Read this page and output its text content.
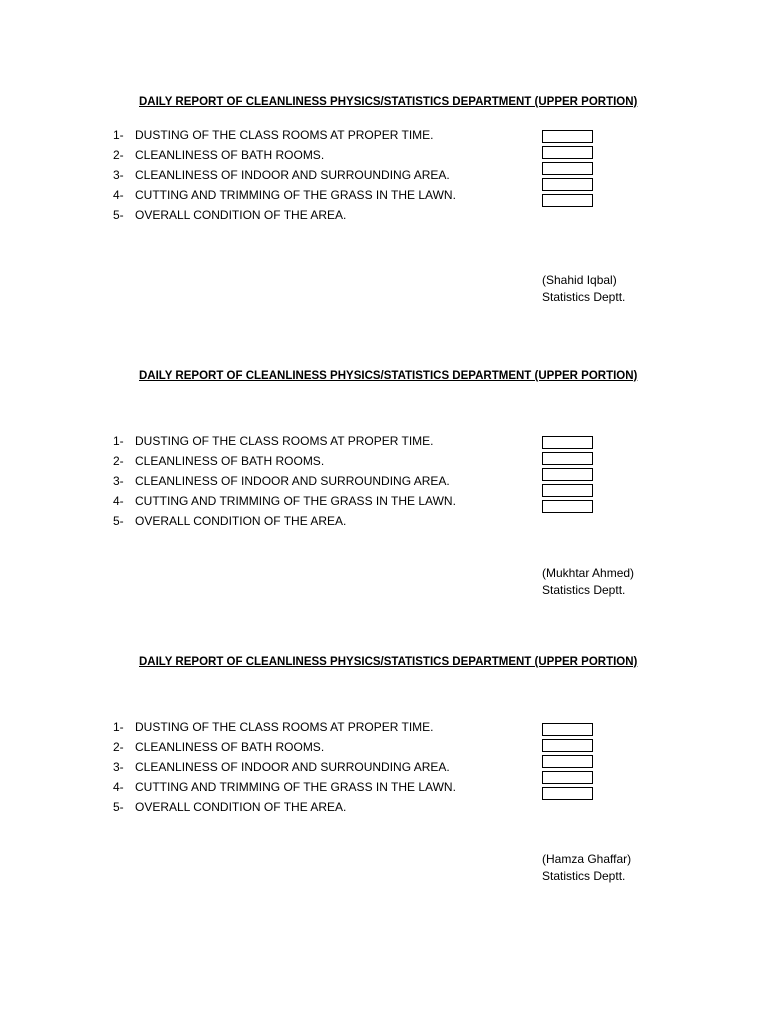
DAILY REPORT OF CLEANLINESS PHYSICS/STATISTICS DEPARTMENT (UPPER PORTION)
1- DUSTING OF THE CLASS ROOMS AT PROPER TIME.
2- CLEANLINESS OF BATH ROOMS.
3- CLEANLINESS OF INDOOR AND SURROUNDING AREA.
4- CUTTING AND TRIMMING OF THE GRASS IN THE LAWN.
5- OVERALL CONDITION OF THE AREA.
(Shahid Iqbal)
Statistics Deptt.
DAILY REPORT OF CLEANLINESS PHYSICS/STATISTICS DEPARTMENT (UPPER PORTION)
1- DUSTING OF THE CLASS ROOMS AT PROPER TIME.
2- CLEANLINESS OF BATH ROOMS.
3- CLEANLINESS OF INDOOR AND SURROUNDING AREA.
4- CUTTING AND TRIMMING OF THE GRASS IN THE LAWN.
5- OVERALL CONDITION OF THE AREA.
(Mukhtar Ahmed)
Statistics Deptt.
DAILY REPORT OF CLEANLINESS PHYSICS/STATISTICS DEPARTMENT (UPPER PORTION)
1- DUSTING OF THE CLASS ROOMS AT PROPER TIME.
2- CLEANLINESS OF BATH ROOMS.
3- CLEANLINESS OF INDOOR AND SURROUNDING AREA.
4- CUTTING AND TRIMMING OF THE GRASS IN THE LAWN.
5- OVERALL CONDITION OF THE AREA.
(Hamza Ghaffar)
Statistics Deptt.
